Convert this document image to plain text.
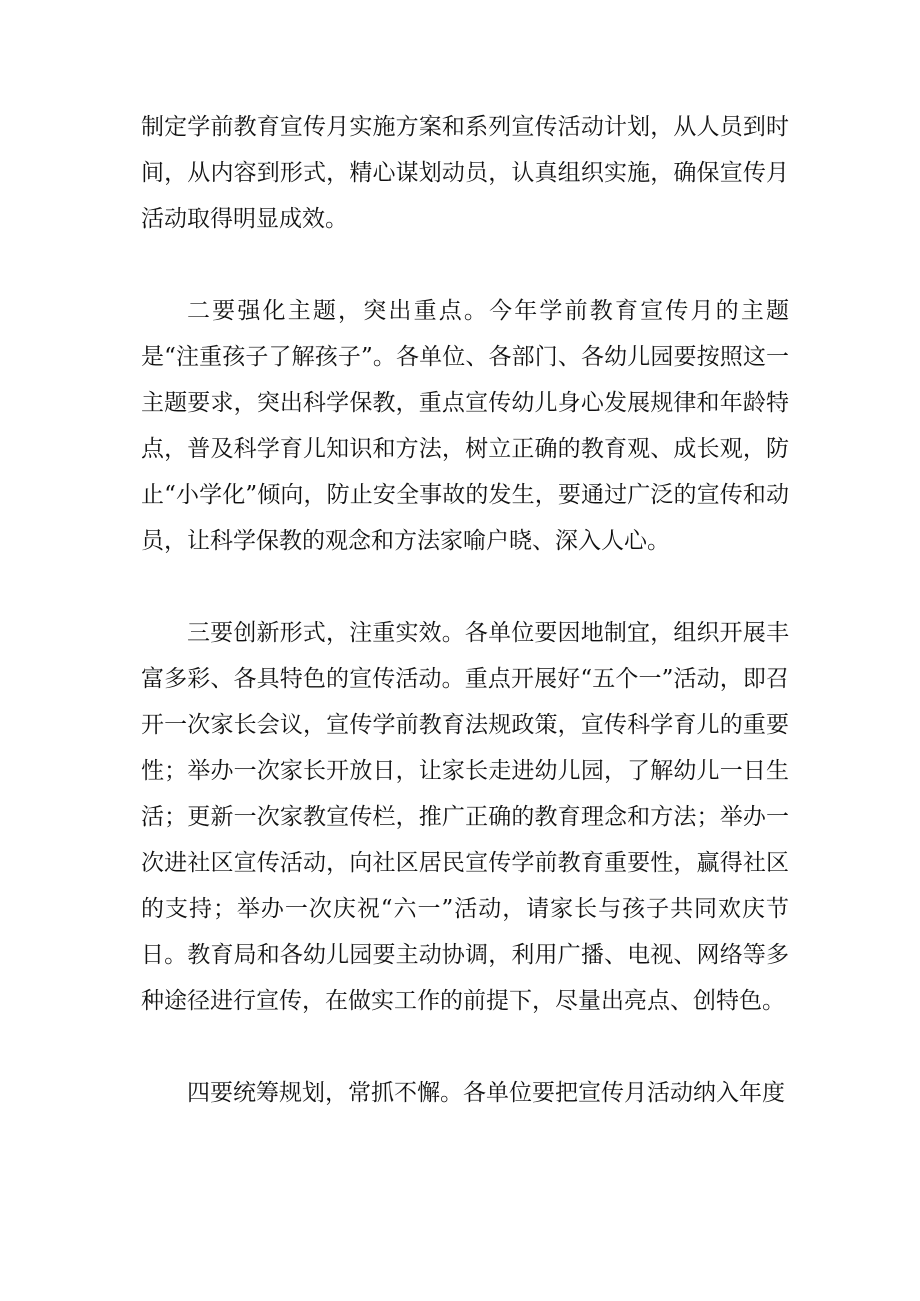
制定学前教育宣传月实施方案和系列宣传活动计划，从人员到时间，从内容到形式，精心谋划动员，认真组织实施，确保宣传月活动取得明显成效。

二要强化主题，突出重点。今年学前教育宣传月的主题是“注重孩子了解孩子”。各单位、各部门、各幼儿园要按照这一主题要求，突出科学保教，重点宣传幼儿身心发展规律和年龄特点，普及科学育儿知识和方法，树立正确的教育观、成长观，防止“小学化”倾向，防止安全事故的发生，要通过广泛的宣传和动员，让科学保教的观念和方法家喻户晓、深入人心。

三要创新形式，注重实效。各单位要因地制宜，组织开展丰富多彩、各具特色的宣传活动。重点开展好“五个一”活动，即召开一次家长会议，宣传学前教育法规政策，宣传科学育儿的重要性；举办一次家长开放日，让家长走进幼儿园，了解幼儿一日生活；更新一次家教宣传栏，推广正确的教育理念和方法；举办一次进社区宣传活动，向社区居民宣传学前教育重要性，赢得社区的支持；举办一次庆祝“六一”活动，请家长与孩子共同欢庆节日。教育局和各幼儿园要主动协调，利用广播、电视、网络等多种途径进行宣传，在做实工作的前提下，尽量出亮点、创特色。

四要统筹规划，常抓不懈。各单位要把宣传月活动纳入年度
